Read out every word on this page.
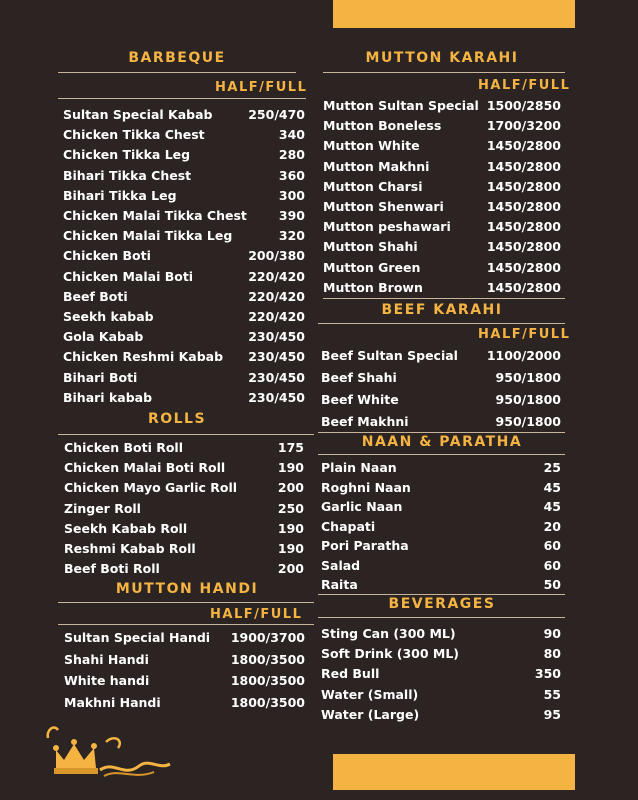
BARBEQUE
HALF/FULL
Sultan Special Kabab	250/470
Chicken Tikka Chest	340
Chicken Tikka Leg	280
Bihari Tikka Chest	360
Bihari Tikka Leg	300
Chicken Malai Tikka Chest	390
Chicken Malai Tikka Leg	320
Chicken Boti	200/380
Chicken Malai Boti	220/420
Beef Boti	220/420
Seekh kabab	220/420
Gola Kabab	230/450
Chicken Reshmi Kabab 230/450
Bihari Boti	230/450
Bihari kabab	230/450
ROLLS
Chicken Boti Roll	175
Chicken Malai Boti Roll	190
Chicken Mayo Garlic Roll	200
Zinger Roll	250
Seekh Kabab Roll	190
Reshmi Kabab Roll	190
Beef Boti Roll	200
MUTTON HANDI
HALF/FULL
Sultan Special Handi 1900/3700
Shahi Handi	1800/3500
White handi	1800/3500
Makhni Handi	1800/3500
MUTTON KARAHI
HALF/FULL
Mutton Sultan Special 1500/2850
Mutton Boneless	1700/3200
Mutton White	1450/2800
Mutton Makhni	1450/2800
Mutton Charsi	1450/2800
Mutton Shenwari	1450/2800
Mutton peshawari	1450/2800
Mutton Shahi	1450/2800
Mutton Green	1450/2800
Mutton Brown	1450/2800
BEEF KARAHI
HALF/FULL
Beef Sultan Special 1100/2000
Beef Shahi	950/1800
Beef White	950/1800
Beef Makhni	950/1800
NAAN & PARATHA
Plain Naan	25
Roghni Naan	45
Garlic Naan	45
Chapati	20
Pori Paratha	60
Salad	60
Raita	50
BEVERAGES
Sting Can (300 ML)	90
Soft Drink (300 ML)	80
Red Bull	350
Water (Small)	55
Water (Large)	95
